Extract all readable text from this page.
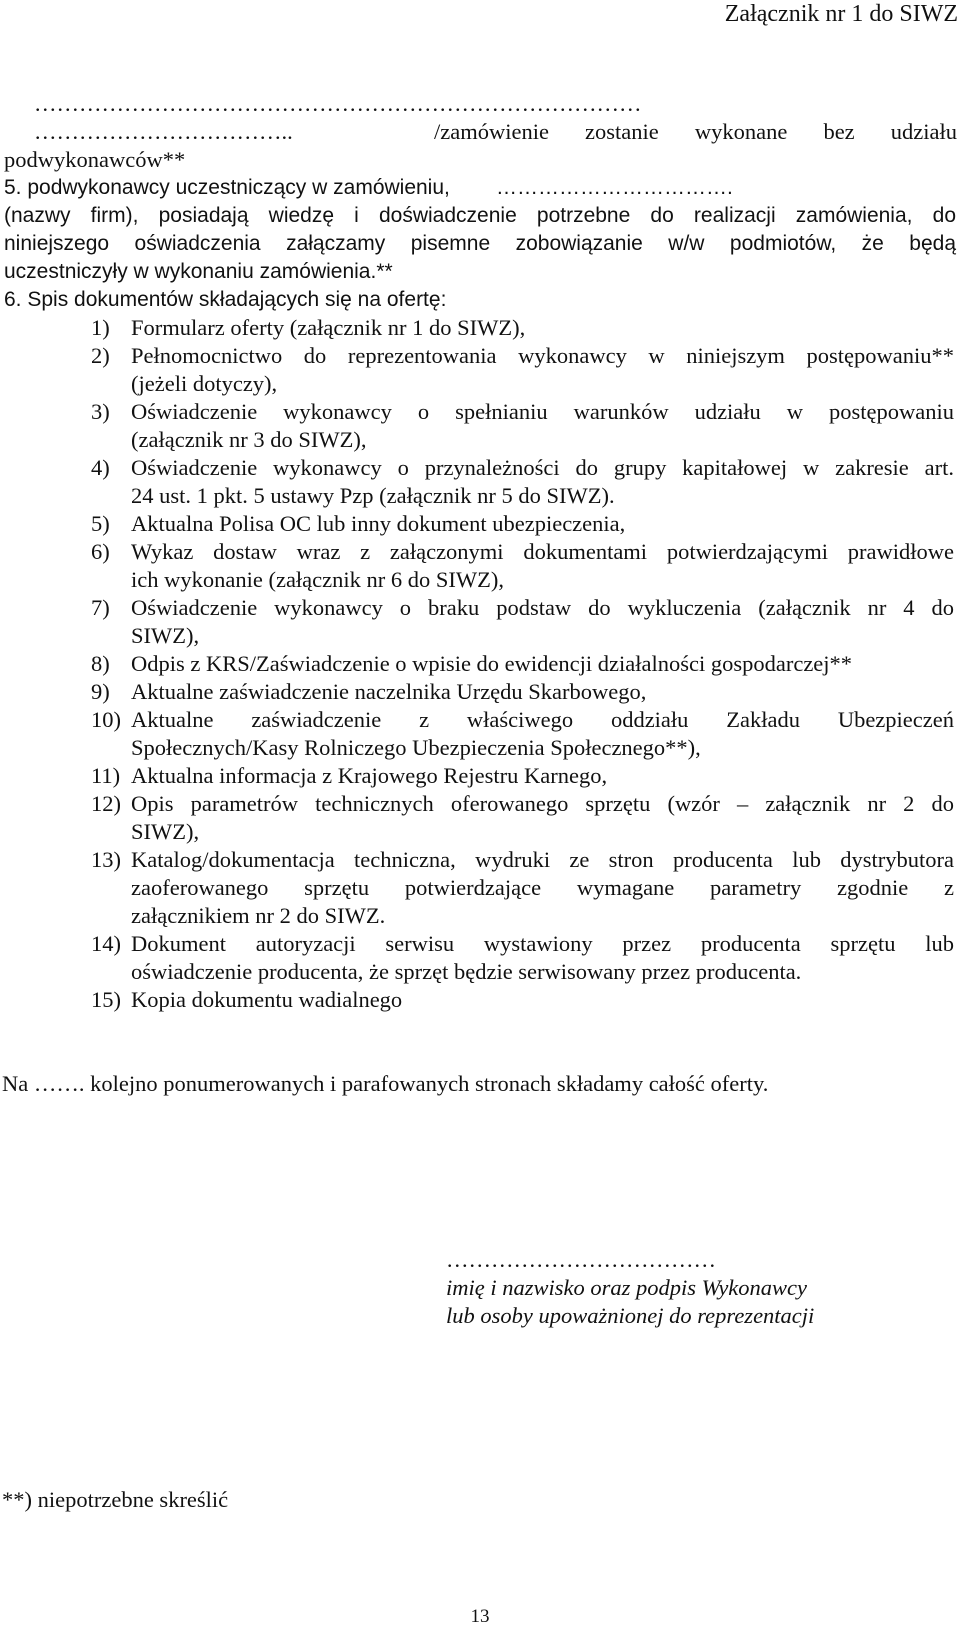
Załącznik nr 1 do SIWZ
………………………………………………………………………
……………………………..	/zamówienie zostanie wykonane bez udziału
podwykonawców**
5. podwykonawcy uczestniczący w zamówieniu, …………………………….
(nazwy firm), posiadają wiedzę i doświadczenie potrzebne do realizacji zamówienia, do
niniejszego oświadczenia załączamy pisemne zobowiązanie w/w podmiotów, że będą
uczestniczyły w wykonaniu zamówienia.**
6. Spis dokumentów składających się na ofertę:
1) Formularz oferty (załącznik nr 1 do SIWZ),
2) Pełnomocnictwo do reprezentowania wykonawcy w niniejszym postępowaniu**
(jeżeli dotyczy),
3) Oświadczenie wykonawcy o spełnianiu warunków udziału w postępowaniu
(załącznik nr 3 do SIWZ),
4) Oświadczenie wykonawcy o przynależności do grupy kapitałowej w zakresie art.
24 ust. 1 pkt. 5 ustawy Pzp (załącznik nr 5 do SIWZ).
5) Aktualna Polisa OC lub inny dokument ubezpieczenia,
6) Wykaz dostaw wraz z załączonymi dokumentami potwierdzającymi prawidłowe
ich wykonanie (załącznik nr 6 do SIWZ),
7) Oświadczenie wykonawcy o braku podstaw do wykluczenia (załącznik nr 4 do
SIWZ),
8) Odpis z KRS/Zaświadczenie o wpisie do ewidencji działalności gospodarczej**
9) Aktualne zaświadczenie naczelnika Urzędu Skarbowego,
10) Aktualne zaświadczenie z właściwego oddziału Zakładu Ubezpieczeń
Społecznych/Kasy Rolniczego Ubezpieczenia Społecznego**),
11) Aktualna informacja z Krajowego Rejestru Karnego,
12) Opis parametrów technicznych oferowanego sprzętu (wzór – załącznik nr 2 do
SIWZ),
13) Katalog/dokumentacja techniczna, wydruki ze stron producenta lub dystrybutora
zaoferowanego sprzętu potwierdzające wymagane parametry zgodnie z
załącznikiem nr 2 do SIWZ.
14) Dokument autoryzacji serwisu wystawiony przez producenta sprzętu lub
oświadczenie producenta, że sprzęt będzie serwisowany przez producenta.
15) Kopia dokumentu wadialnego
Na ……. kolejno ponumerowanych i parafowanych stronach składamy całość oferty.
………………………………
imię i nazwisko oraz podpis Wykonawcy
lub osoby upoważnionej do reprezentacji
**) niepotrzebne skreślić
13
